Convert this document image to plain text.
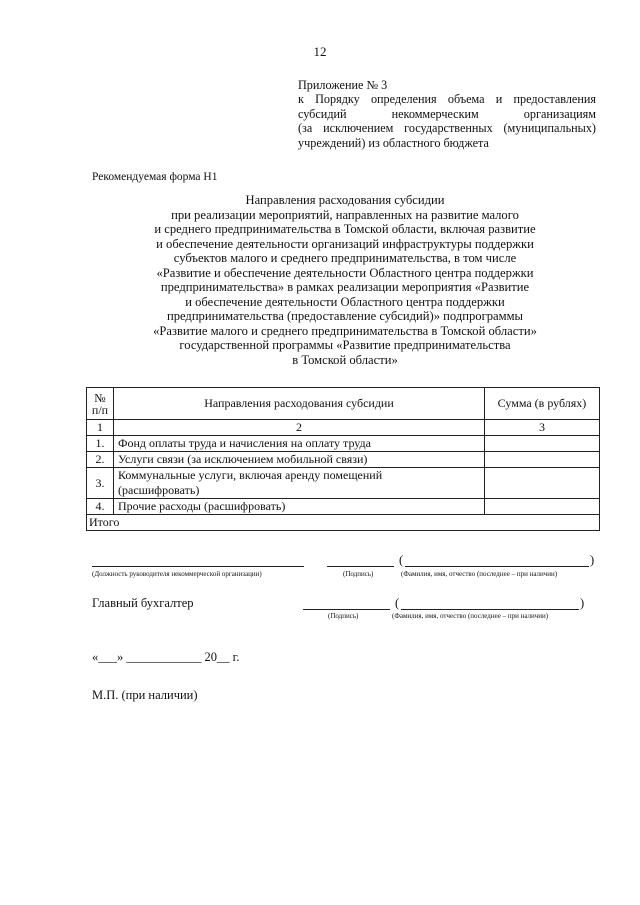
12
Приложение № 3
к Порядку определения объема и предоставления
субсидий некоммерческим организациям
(за исключением государственных (муниципальных)
учреждений) из областного бюджета
Рекомендуемая форма Н1
Направления расходования субсидии
при реализации мероприятий, направленных на развитие малого
и среднего предпринимательства в Томской области, включая развитие
и обеспечение деятельности организаций инфраструктуры поддержки
субъектов малого и среднего предпринимательства, в том числе
«Развитие и обеспечение деятельности Областного центра поддержки
предпринимательства» в рамках реализации мероприятия «Развитие
и обеспечение деятельности Областного центра поддержки
предпринимательства (предоставление субсидий)» подпрограммы
«Развитие малого и среднего предпринимательства в Томской области»
государственной программы «Развитие предпринимательства
в Томской области»
№
п/п	Направления расходования субсидии	Сумма (в рублях)
1	2	3
1.	Фонд оплаты труда и начисления на оплату труда	
2.	Услуги связи (за исключением мобильной связи)	
3.	Коммунальные услуги, включая аренду помещений
(расшифровать)	

4.	Прочие расходы (расшифровать)	
Итого		
(Должность руководителя некоммерческой организации)	(Подпись)
(	)
(Фамилия, имя, отчество (последнее – при наличии)
Главный бухгалтер
(Подпись)
(	)
(Фамилия, имя, отчество (последнее – при наличии)
«___» ____________ 20__ г.
М.П. (при наличии)
